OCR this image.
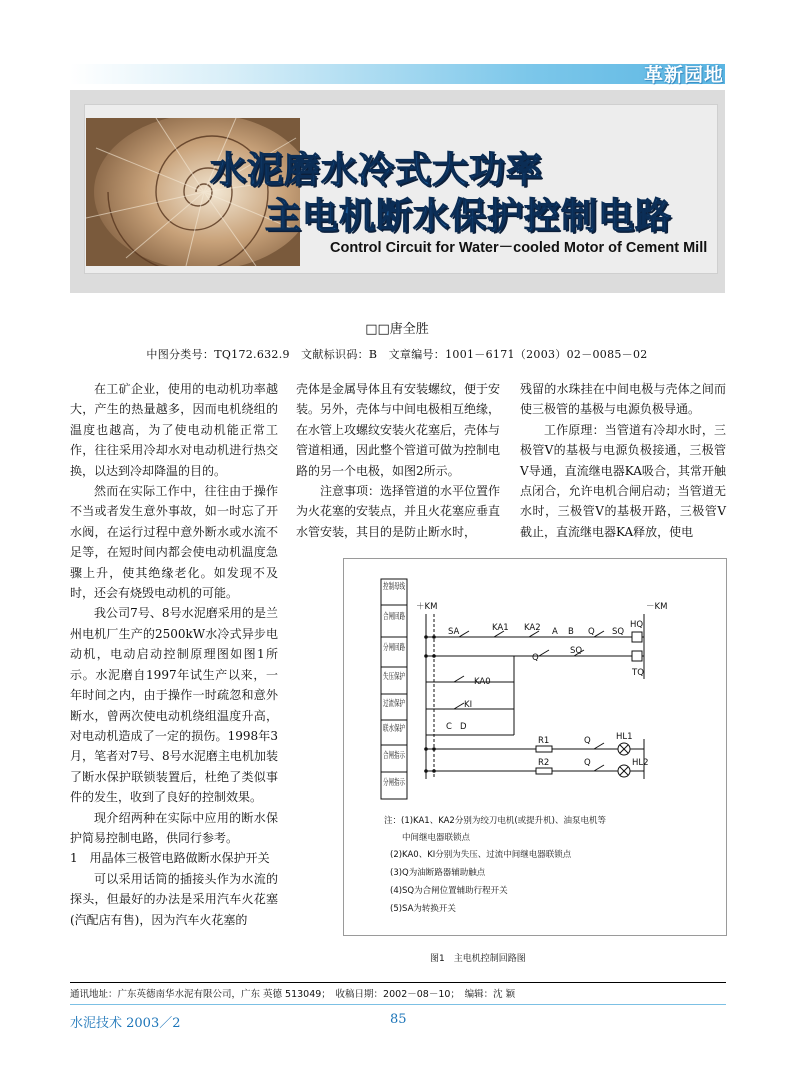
革新园地
水泥磨水冷式大功率
主电机断水保护控制电路
Control Circuit for Water－cooled Motor of Cement Mill
□□唐全胜
中图分类号：TQ172.632.9　文献标识码：B　文章编号：1001－6171（2003）02－0085－02

在工矿企业，使用的电动机功率越大，产生的热量越多，因而电机绕组的温度也越高，为了使电动机能正常工作，往往采用冷却水对电动机进行热交换，以达到冷却降温的目的。

然而在实际工作中，往往由于操作不当或者发生意外事故，如一时忘了开水阀，在运行过程中意外断水或水流不足等，在短时间内都会使电动机温度急骤上升，使其绝缘老化。如发现不及时，还会有烧毁电动机的可能。

我公司7号、8号水泥磨采用的是兰州电机厂生产的2500kW水冷式异步电动机，电动启动控制原理图如图1所示。水泥磨自1997年试生产以来，一年时间之内，由于操作一时疏忽和意外断水，曾两次使电动机绕组温度升高，对电动机造成了一定的损伤。1998年3月，笔者对7号、8号水泥磨主电机加装了断水保护联锁装置后，杜绝了类似事件的发生，收到了良好的控制效果。

现介绍两种在实际中应用的断水保护简易控制电路，供同行参考。

1　用晶体三极管电路做断水保护开关

可以采用话筒的插接头作为水流的探头，但最好的办法是采用汽车火花塞(汽配店有售)，因为汽车火花塞的

壳体是金属导体且有安装螺纹，便于安装。另外，壳体与中间电极相互绝缘，在水管上攻螺纹安装火花塞后，壳体与管道相通，因此整个管道可做为控制电路的另一个电极，如图2所示。

注意事项：选择管道的水平位置作为火花塞的安装点，并且火花塞应垂直水管安装，其目的是防止断水时，

残留的水珠挂在中间电极与壳体之间而使三极管的基极与电源负极导通。

工作原理：当管道有冷却水时，三极管V的基极与电源负极接通，三极管V导通，直流继电器KA吸合，其常开触点闭合，允许电机合闸启动；当管道无水时，三极管V的基极开路，三极管V截止，直流继电器KA释放，使电

控制母线
合闸回路
分闸回路
失压保护
过流保护
联水保护
合闸指示
分闸指示
＋KM	－KM
SA	KA1 KA2 A B Q SQ
HQ
Q
SQ
TQ
KA0
KI
C D
R1	Q	HL1
R2	Q	HL2
注：(1)KA1、KA2分别为绞刀电机(或提升机)、油泵电机等
中间继电器联锁点
(2)KA0、KI分别为失压、过流中间继电器联锁点
(3)Q为油断路器辅助触点
(4)SQ为合闸位置辅助行程开关
(5)SA为转换开关
图1　主电机控制回路图
通讯地址：广东英德南华水泥有限公司，广东 英德 513049；　收稿日期：2002－08－10；　编辑：沈 颖
水泥技术 2003／2	85
